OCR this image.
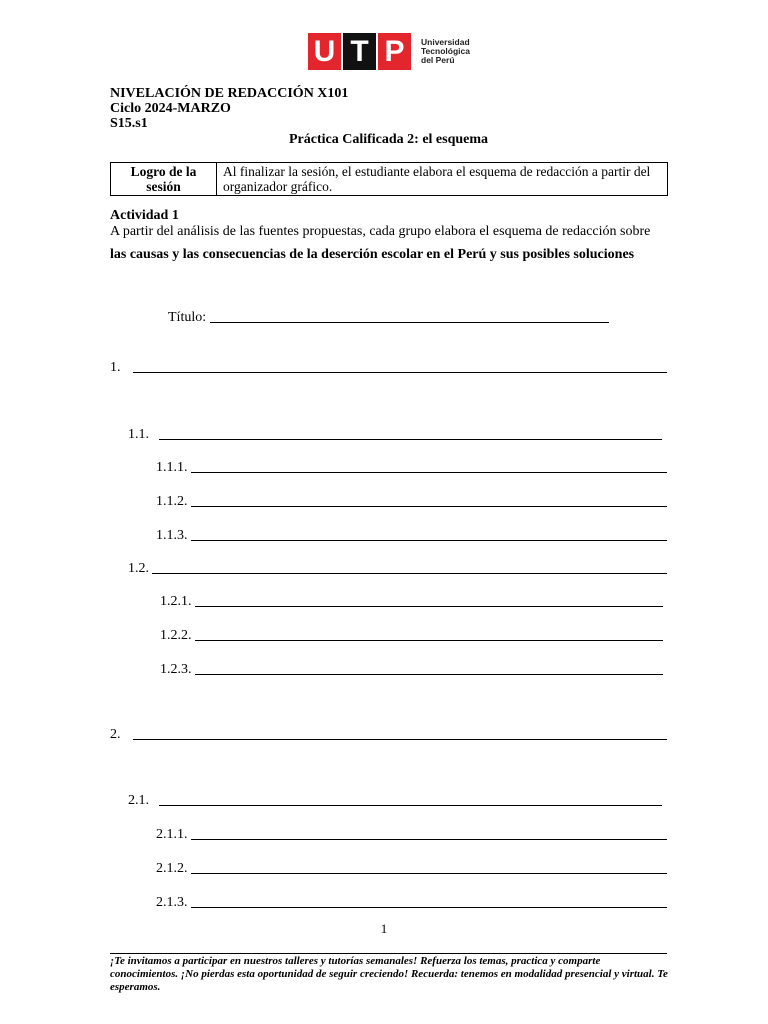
U T P	Universidad
Tecnológica
del Perú
NIVELACIÓN DE REDACCIÓN X101
Ciclo 2024-MARZO
S15.s1
Práctica Calificada 2: el esquema
Logro de la sesión	Al finalizar la sesión, el estudiante elabora el esquema de redacción a partir del organizador gráfico.
Actividad 1
A partir del análisis de las fuentes propuestas, cada grupo elabora el esquema de redacción sobre
las causas y las consecuencias de la deserción escolar en el Perú y sus posibles soluciones
Título:
1.
1.1.
1.1.1.
1.1.2.
1.1.3.
1.2.
1.2.1.
1.2.2.
1.2.3.
2.
2.1.
2.1.1.
2.1.2.
2.1.3.
1
¡Te invitamos a participar en nuestros talleres y tutorías semanales! Refuerza los temas, practica y comparte conocimientos. ¡No pierdas esta oportunidad de seguir creciendo! Recuerda: tenemos en modalidad presencial y virtual. Te esperamos.
